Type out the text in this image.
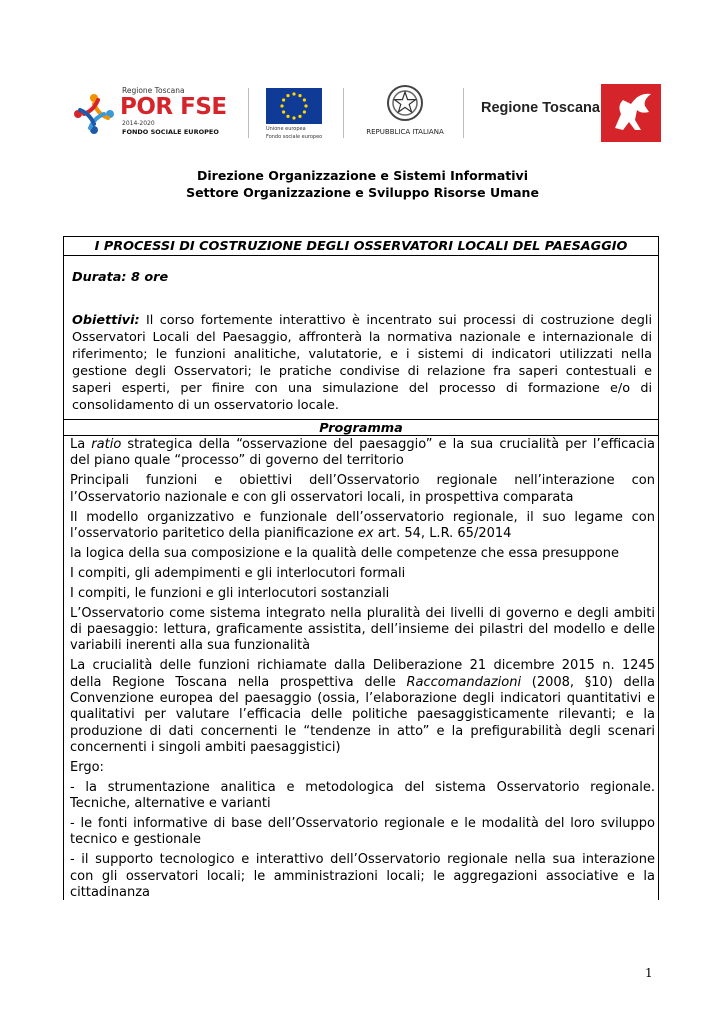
Regione Toscana
POR FSE
2014-2020
FONDO SOCIALE EUROPEO	Unione europea
Fondo sociale europeo
REPUBBLICA ITALIANA
Regione Toscana
Direzione Organizzazione e Sistemi Informativi
Settore Organizzazione e Sviluppo Risorse Umane
I PROCESSI DI COSTRUZIONE DEGLI OSSERVATORI LOCALI DEL PAESAGGIO
Durata: 8 ore
Obiettivi: Il corso fortemente interattivo è incentrato sui processi di costruzione degli Osservatori Locali del Paesaggio, affronterà la normativa nazionale e internazionale di riferimento; le funzioni analitiche, valutatorie, e i sistemi di indicatori utilizzati nella gestione degli Osservatori; le pratiche condivise di relazione fra saperi contestuali e saperi esperti, per finire con una simulazione del processo di formazione e/o di consolidamento di un osservatorio locale.
Programma

La ratio strategica della “osservazione del paesaggio” e la sua crucialità per l’efficacia del piano quale “processo” di governo del territorio

Principali funzioni e obiettivi dell’Osservatorio regionale nell’interazione con l’Osservatorio nazionale e con gli osservatori locali, in prospettiva comparata

Il modello organizzativo e funzionale dell’osservatorio regionale, il suo legame con l’osservatorio paritetico della pianificazione ex art. 54, L.R. 65/2014

la logica della sua composizione e la qualità delle competenze che essa presuppone

I compiti, gli adempimenti e gli interlocutori formali

I compiti, le funzioni e gli interlocutori sostanziali

L’Osservatorio come sistema integrato nella pluralità dei livelli di governo e degli ambiti di paesaggio: lettura, graficamente assistita, dell’insieme dei pilastri del modello e delle variabili inerenti alla sua funzionalità

La crucialità delle funzioni richiamate dalla Deliberazione 21 dicembre 2015 n. 1245 della Regione Toscana nella prospettiva delle Raccomandazioni (2008, §10) della Convenzione europea del paesaggio (ossia, l’elaborazione degli indicatori quantitativi e qualitativi per valutare l’efficacia delle politiche paesaggisticamente rilevanti; e la produzione di dati concernenti le “tendenze in atto” e la prefigurabilità degli scenari concernenti i singoli ambiti paesaggistici)

Ergo:

- la strumentazione analitica e metodologica del sistema Osservatorio regionale. Tecniche, alternative e varianti

- le fonti informative di base dell’Osservatorio regionale e le modalità del loro sviluppo tecnico e gestionale

- il supporto tecnologico e interattivo dell’Osservatorio regionale nella sua interazione con gli osservatori locali; le amministrazioni locali; le aggregazioni associative e la cittadinanza

1
